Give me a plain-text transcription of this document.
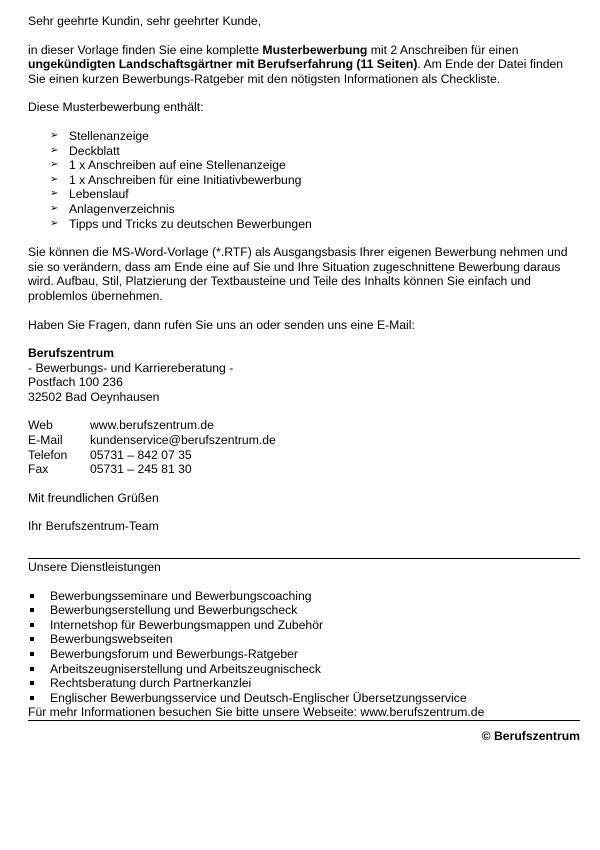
Sehr geehrte Kundin, sehr geehrter Kunde,

in dieser Vorlage finden Sie eine komplette Musterbewerbung mit 2 Anschreiben für einen ungekündigten Landschaftsgärtner mit Berufserfahrung (11 Seiten). Am Ende der Datei finden Sie einen kurzen Bewerbungs-Ratgeber mit den nötigsten Informationen als Checkliste.

Diese Musterbewerbung enthält:

➢ Stellenanzeige
➢ Deckblatt
➢ 1 x Anschreiben auf eine Stellenanzeige
➢ 1 x Anschreiben für eine Initiativbewerbung
➢ Lebenslauf
➢ Anlagenverzeichnis
➢ Tipps und Tricks zu deutschen Bewerbungen

Sie können die MS-Word-Vorlage (*.RTF) als Ausgangsbasis Ihrer eigenen Bewerbung nehmen und sie so verändern, dass am Ende eine auf Sie und Ihre Situation zugeschnittene Bewerbung daraus wird. Aufbau, Stil, Platzierung der Textbausteine und Teile des Inhalts können Sie einfach und problemlos übernehmen.

Haben Sie Fragen, dann rufen Sie uns an oder senden uns eine E-Mail:

Berufszentrum
- Bewerbungs- und Karriereberatung -
Postfach 100 236
32502 Bad Oeynhausen
Web	www.berufszentrum.de
E-Mail	kundenservice@berufszentrum.de
Telefon	05731 – 842 07 35
Fax	05731 – 245 81 30

Mit freundlichen Grüßen

Ihr Berufszentrum-Team

Unsere Dienstleistungen

Bewerbungsseminare und Bewerbungscoaching
Bewerbungserstellung und Bewerbungscheck
Internetshop für Bewerbungsmappen und Zubehör
Bewerbungswebseiten
Bewerbungsforum und Bewerbungs-Ratgeber
Arbeitszeugniserstellung und Arbeitszeugnischeck
Rechtsberatung durch Partnerkanzlei
Englischer Bewerbungsservice und Deutsch-Englischer Übersetzungsservice

Für mehr Informationen besuchen Sie bitte unsere Webseite: www.berufszentrum.de

© Berufszentrum
